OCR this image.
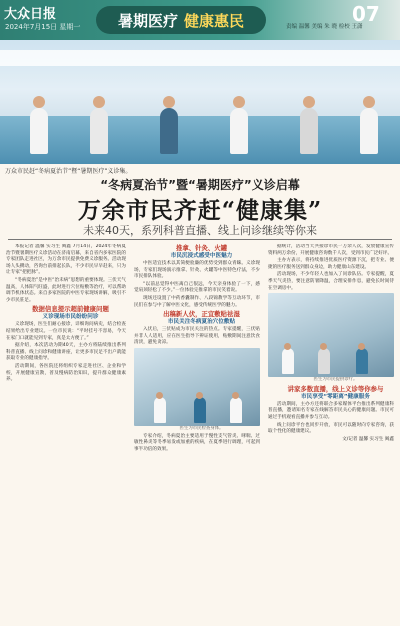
大众日报
2024年7月15日 星期一	暑期医疗 健康惠民	07
责编 温馨 美编 朱 晓 检校 王潇
万众市民赶“冬病夏治节”暨“暑期医疗”义诊集。
“冬病夏治节”暨“暑期医疗”义诊启幕
万余市民齐赶“健康集”
未来40天，系列科普直播、线上问诊继续等你来

本报记者 温馨 实习生 阎鑫 7月14日，2024年冬病夏治节暨暑期医疗义诊活动在济南启幕，来自省内多家医院的专家团队走进社区，为万余市民提供免费义诊服务。活动现场人头攒动，咨询台前排起长队，不少市民早早赶来，只为让专家“把把脉”。

“冬病夏治”是中医“治未病”思想的重要体现。三伏天气温高，人体阳气旺盛，此时进行穴位贴敷等治疗，可以帮助调节机体状态。来自多家医院的中医专家现场讲解，吸引不少市民驻足。

数据信息提示超前健康问题

义诊现场市民纷纷问诊

义诊现场，医生们耐心接诊，详细询问病史，结合检查结果给出专业建议。一位市民说：“平时挂号不容易，今天在家门口就能见到专家，真是太方便了。”

据介绍，本次活动为期40天，主办方将陆续推出系列科普直播、线上问诊和健康讲座，让更多市民足不出户就能获取专业的健康指导。

活动期间，各医院还将组织专家走进社区、企业和学校，开展健康宣教，普及慢病防治知识，提升群众健康素养。

推拿、针灸、火罐

市民沉浸式感受中医魅力

中医适宜技术以其简便验廉的优势受到群众青睐。义诊现场，专家们现场演示推拿、针灸、火罐等中医特色疗法，不少市民排队体验。

“以前总觉得中医离自己很远，今天亲身体验了一下，感觉肩颈轻松了不少。”一位体验完推拿的市民笑着说。

现场还设置了中药香囊制作、八段锦教学等互动环节，市民们在参与中了解中医文化，感受传统医学的魅力。

出稿新人伏，正宜敷贴祛湿

市民关注冬病夏治穴位敷贴

入伏后，三伏贴成为市民关注的热点。专家提醒，三伏贴并非人人适用，应在医生指导下辨证使用，贴敷期间注意饮食清淡，避免贪凉。

医生为市民检查身体。

专家介绍，冬病夏治主要适用于慢性支气管炎、哮喘、过敏性鼻炎等冬季易发或加重的疾病，在夏季进行调理，可起到事半功倍的效果。

据统计，活动当天共接诊市民一万余人次，发放健康宣传资料两万余份，开展健康咨询数千人次，受到市民广泛好评。

主办方表示，将持续推进优质医疗资源下沉，把专业、便捷的医疗服务送到群众身边，助力健康山东建设。

活动现场，不少年轻人也加入了问诊队伍。专家提醒，夏季天气炎热，要注意防暑降温，合理安排作息，避免长时间待在空调房中。

医生为市民提供诊疗。

讲家多数直播，线上义诊等你参与

市民享受“零距离”健康服务

活动期间，主办方还将联合多家媒体平台推出系列健康科普直播，邀请知名专家在线解答市民关心的健康问题。市民可通过手机观看直播并参与互动。

线上问诊平台也同步开放，市民可以随时向专家咨询，获取个性化的健康建议。

文/记者 温馨 实习生 阎鑫
